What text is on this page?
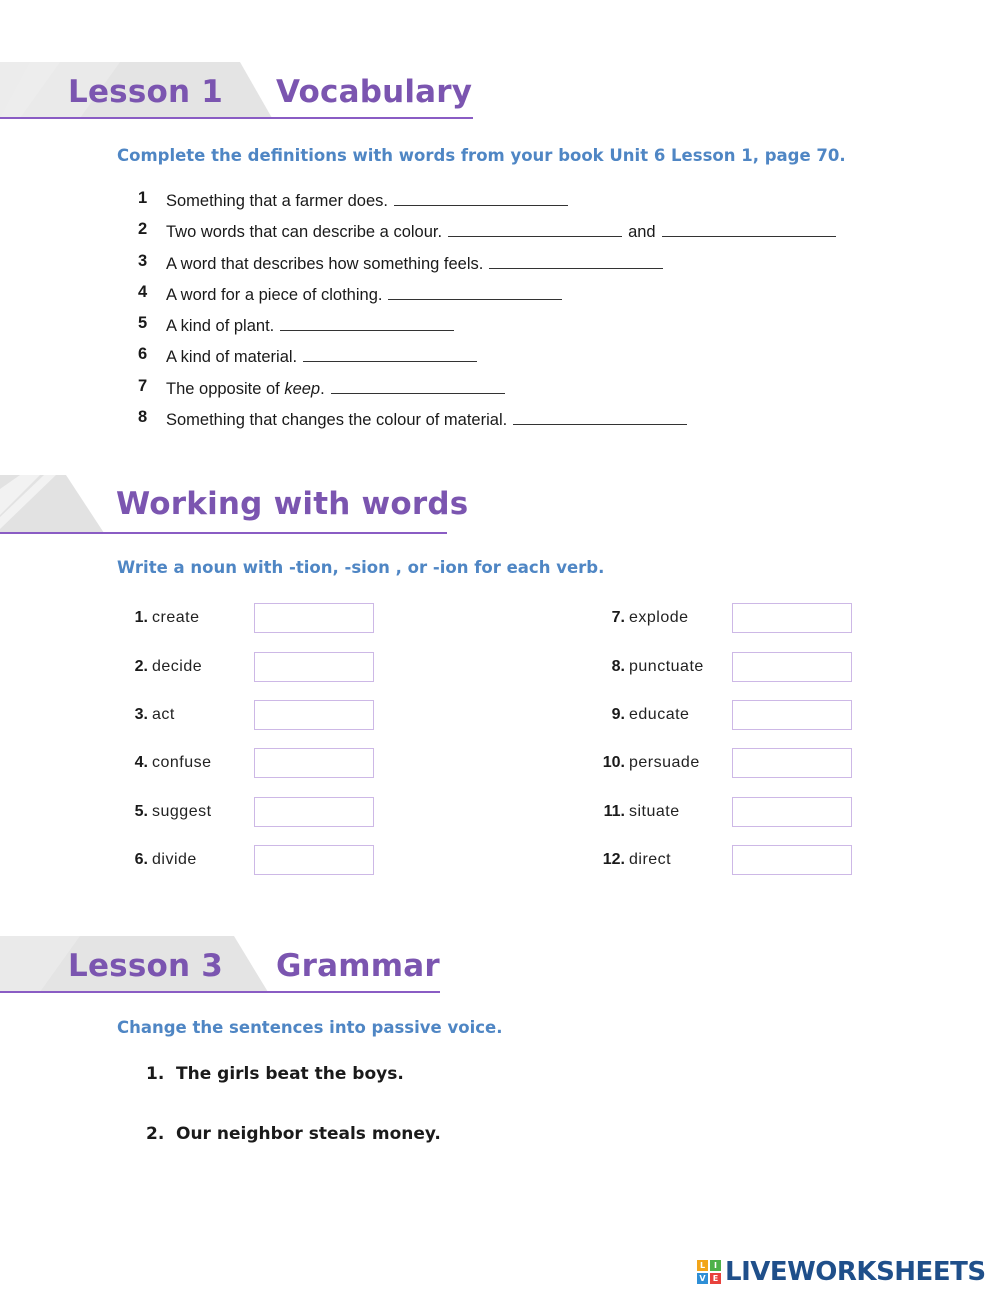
Lesson 1 Vocabulary
Complete the definitions with words from your book Unit 6 Lesson 1, page 70.
1	Something that a farmer does.
2	Two words that can describe a colour.	and
3	A word that describes how something feels.
4	A word for a piece of clothing.
5	A kind of plant.
6	A kind of material.
7	The opposite of keep.
8	Something that changes the colour of material.
Working with words
Write a noun with -tion, -sion , or -ion for each verb.
1. create
2. decide
3. act
4. confuse
5. suggest
6. divide
7. explode
8. punctuate
9. educate
10. persuade
11. situate
12. direct
Lesson 3 Grammar
Change the sentences into passive voice.
1. The girls beat the boys.
2. Our neighbor steals money.
L	I
V E LIVEWORKSHEETS
